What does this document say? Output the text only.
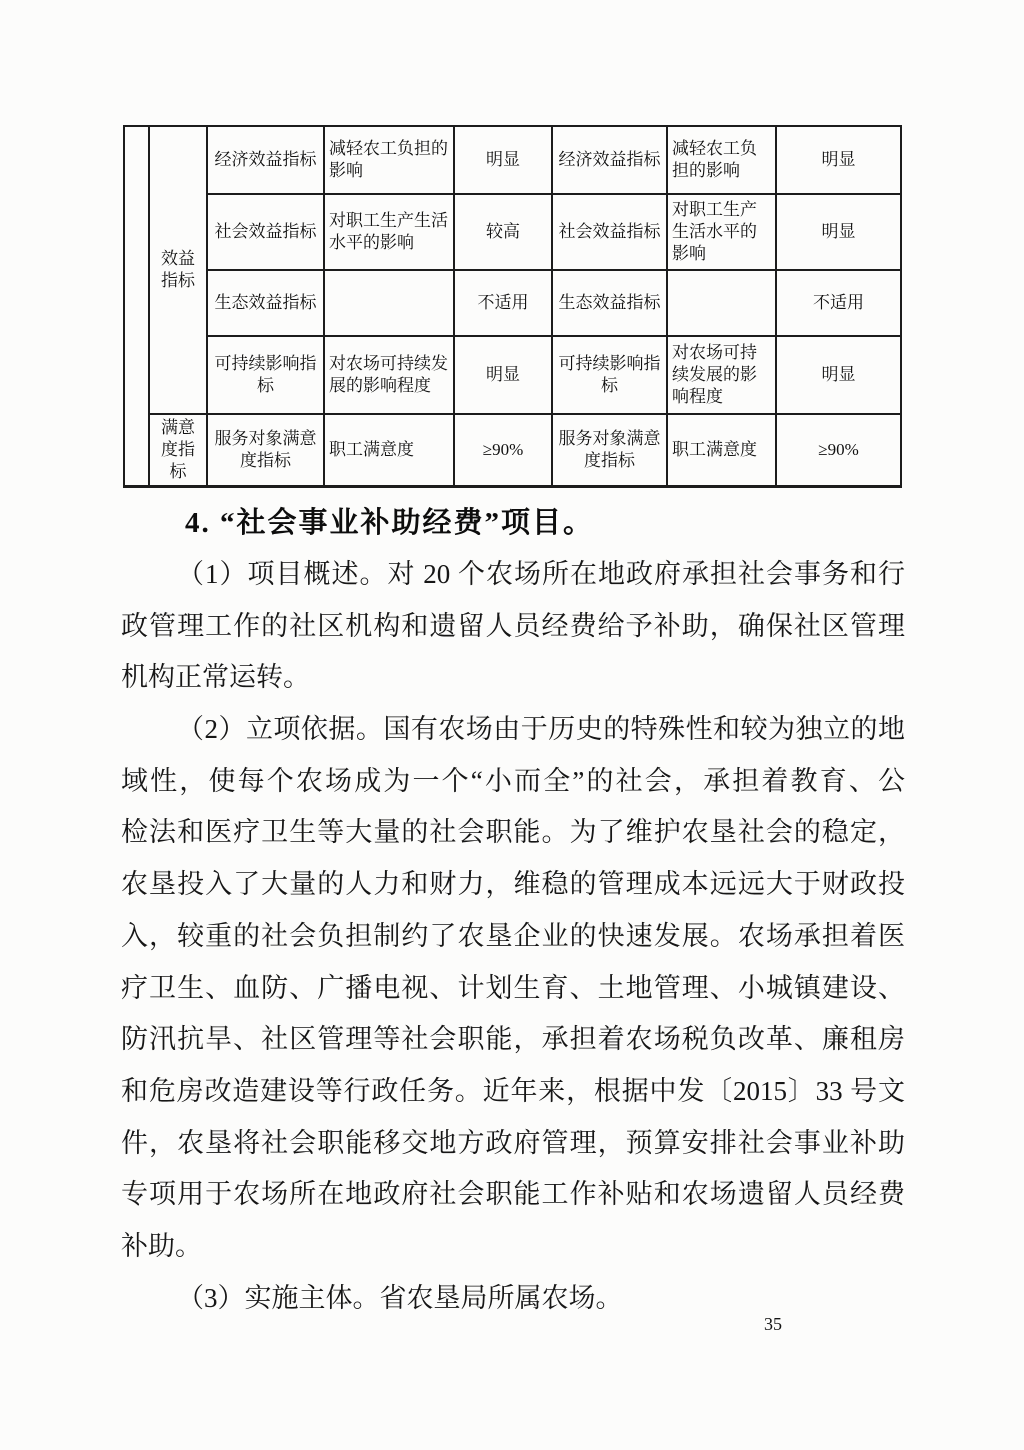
	效益指标	经济效益指标	减轻农工负担的影响	明显	经济效益指标	减轻农工负担的影响	明显
		社会效益指标	对职工生产生活水平的影响	较高	社会效益指标	对职工生产生活水平的影响	明显
		生态效益指标		不适用	生态效益指标		不适用
		可持续影响指标	对农场可持续发展的影响程度	明显	可持续影响指标	对农场可持续发展的影响程度	明显
	满意度指标	服务对象满意度指标	职工满意度	≥90%	服务对象满意度指标	职工满意度	≥90%
4. “社会事业补助经费”项目。
（1）项目概述。对 20 个农场所在地政府承担社会事务和行
政管理工作的社区机构和遗留人员经费给予补助，确保社区管理
机构正常运转。
（2）立项依据。国有农场由于历史的特殊性和较为独立的地
域性，使每个农场成为一个“小而全”的社会，承担着教育、公
检法和医疗卫生等大量的社会职能。为了维护农垦社会的稳定，
农垦投入了大量的人力和财力，维稳的管理成本远远大于财政投
入，较重的社会负担制约了农垦企业的快速发展。农场承担着医
疗卫生、血防、广播电视、计划生育、土地管理、小城镇建设、
防汛抗旱、社区管理等社会职能，承担着农场税负改革、廉租房
和危房改造建设等行政任务。近年来，根据中发〔2015〕33 号文
件，农垦将社会职能移交地方政府管理，预算安排社会事业补助
专项用于农场所在地政府社会职能工作补贴和农场遗留人员经费
补助。
（3）实施主体。省农垦局所属农场。
35
